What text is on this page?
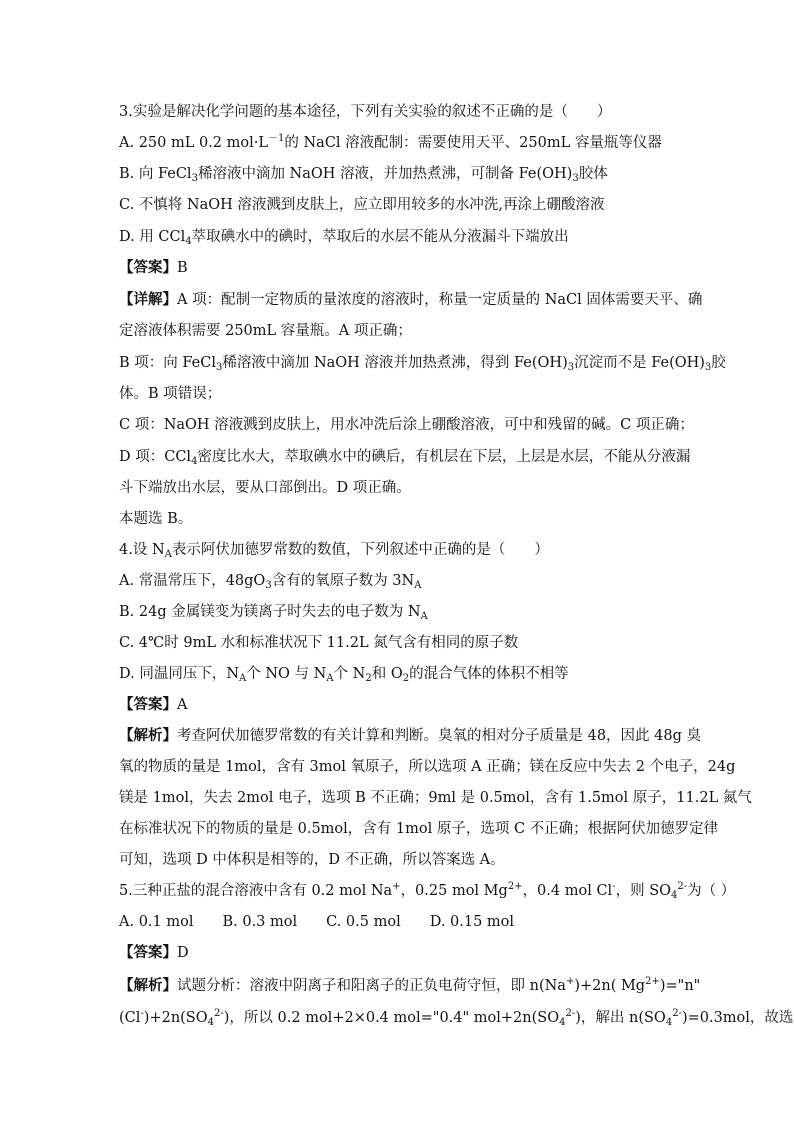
3.实验是解决化学问题的基本途径，下列有关实验的叙述不正确的是（　　）
A. 250 mL 0.2 $mol\cdot L^{-1}$的 NaCl 溶液配制：需要使用天平、250mL 容量瓶等仪器
B. 向 FeCl$_3$稀溶液中滴加 NaOH 溶液，并加热煮沸，可制备 $Fe(OH)_3$胶体
C. 不慎将 NaOH 溶液溅到皮肤上，应立即用较多的水冲洗,再涂上硼酸溶液
D. 用 CCl$_4$萃取碘水中的碘时，萃取后的水层不能从分液漏斗下端放出
【答案】B
【详解】A 项：配制一定物质的量浓度的溶液时，称量一定质量的 NaCl 固体需要天平、确
定溶液体积需要 250mL 容量瓶。A 项正确；
B 项：向 FeCl$_3$稀溶液中滴加 NaOH 溶液并加热煮沸，得到 $Fe(OH)_3$沉淀而不是 $Fe(OH)_3$胶
体。B 项错误；
C 项：NaOH 溶液溅到皮肤上，用水冲洗后涂上硼酸溶液，可中和残留的碱。C 项正确；
D 项：CCl$_4$密度比水大，萃取碘水中的碘后，有机层在下层，上层是水层，不能从分液漏
斗下端放出水层，要从口部倒出。D 项正确。
本题选 B。
4.设 $N_A$表示阿伏加德罗常数的数值，下列叙述中正确的是（　　）
A. 常温常压下，$48gO_3$含有的氧原子数为 $3N_A$
B. 24g 金属镁变为镁离子时失去的电子数为 $N_A$
C. 4℃时 9mL 水和标准状况下 11.2L 氮气含有相同的原子数
D. 同温同压下，$N_A$个 NO 与 $N_A$个 $N_2$和 $O_2$的混合气体的体积不相等
【答案】A
【解析】考查阿伏加德罗常数的有关计算和判断。臭氧的相对分子质量是 48，因此 48g 臭
氧的物质的量是 1mol，含有 3mol 氧原子，所以选项 A 正确；镁在反应中失去 2 个电子，24g
镁是 1mol，失去 2mol 电子，选项 B 不正确；9ml 是 0.5mol，含有 1.5mol 原子，11.2L 氮气
在标准状况下的物质的量是 0.5mol，含有 1mol 原子，选项 C 不正确；根据阿伏加德罗定律
可知，选项 D 中体积是相等的，D 不正确，所以答案选 A。
5.三种正盐的混合溶液中含有 0.2 mol Na+，0.25 mol $Mg^{2+}$，0.4 mol Cl-，则 $SO_4^{2-}$为（ ）
A. 0.1 mol　　B. 0.3 mol　　C. 0.5 mol　　D. 0.15 mol
【答案】D
【解析】试题分析：溶液中阴离子和阳离子的正负电荷守恒，即 n(Na+)+2n( $Mg^{2+})="n$"
$(Cl^-)+2n(SO_4^{2-})$，所以 0.2 mol+2×0.4 mol="0.4" $mol+2n(SO_4^{2-})$，解出 $n(SO_4^{2-})=0.3mol$，故选
